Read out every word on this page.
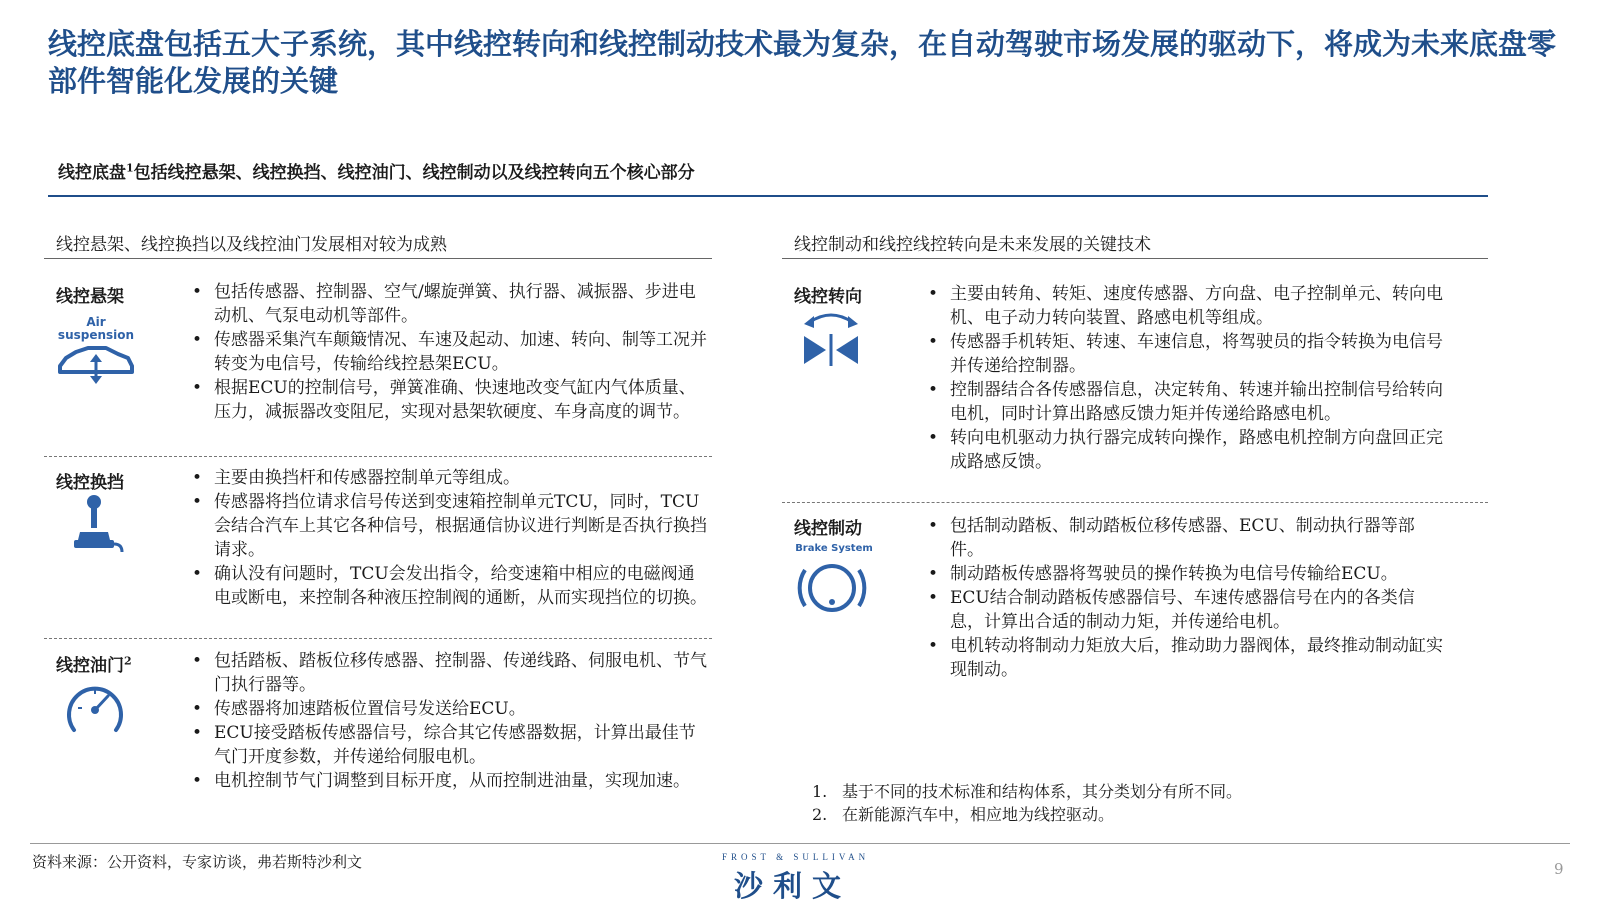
线控底盘包括五大子系统，其中线控转向和线控制动技术最为复杂，在自动驾驶市场发展的驱动下，将成为未来底盘零部件智能化发展的关键
线控底盘$^1$包括线控悬架、线控换挡、线控油门、线控制动以及线控转向五个核心部分
线控悬架、线控换挡以及线控油门发展相对较为成熟
线控悬架
Air
suspension
• 包括传感器、控制器、空气/螺旋弹簧、执行器、减振器、步进电动机、气泵电动机等部件。
• 传感器采集汽车颠簸情况、车速及起动、加速、转向、制等工况并转变为电信号，传输给线控悬架ECU。
• 根据ECU的控制信号，弹簧准确、快速地改变气缸内气体质量、压力，减振器改变阻尼，实现对悬架软硬度、车身高度的调节。
线控换挡	• 主要由换挡杆和传感器控制单元等组成。
• 传感器将挡位请求信号传送到变速箱控制单元TCU，同时，TCU会结合汽车上其它各种信号，根据通信协议进行判断是否执行换挡请求。
• 确认没有问题时，TCU会发出指令，给变速箱中相应的电磁阀通电或断电，来控制各种液压控制阀的通断，从而实现挡位的切换。
线控油门$^2$	• 包括踏板、踏板位移传感器、控制器、传递线路、伺服电机、节气门执行器等。
• 传感器将加速踏板位置信号发送给ECU。
• ECU接受踏板传感器信号，综合其它传感器数据，计算出最佳节气门开度参数，并传递给伺服电机。
• 电机控制节气门调整到目标开度，从而控制进油量，实现加速。
线控制动和线控线控转向是未来发展的关键技术
线控转向	• 主要由转角、转矩、速度传感器、方向盘、电子控制单元、转向电机、电子动力转向装置、路感电机等组成。
• 传感器手机转矩、转速、车速信息，将驾驶员的指令转换为电信号并传递给控制器。
• 控制器结合各传感器信息，决定转角、转速并输出控制信号给转向电机，同时计算出路感反馈力矩并传递给路感电机。
• 转向电机驱动力执行器完成转向操作，路感电机控制方向盘回正完成路感反馈。
线控制动
Brake System
• 包括制动踏板、制动踏板位移传感器、ECU、制动执行器等部件。
• 制动踏板传感器将驾驶员的操作转换为电信号传输给ECU。
• ECU结合制动踏板传感器信号、车速传感器信号在内的各类信息，计算出合适的制动力矩，并传递给电机。
• 电机转动将制动力矩放大后，推动助力器阀体，最终推动制动缸实现制动。
1. 基于不同的技术标准和结构体系，其分类划分有所不同。
2. 在新能源汽车中，相应地为线控驱动。
资料来源：公开资料，专家访谈，弗若斯特沙利文	FROST & SULLIVAN
沙利文	9
